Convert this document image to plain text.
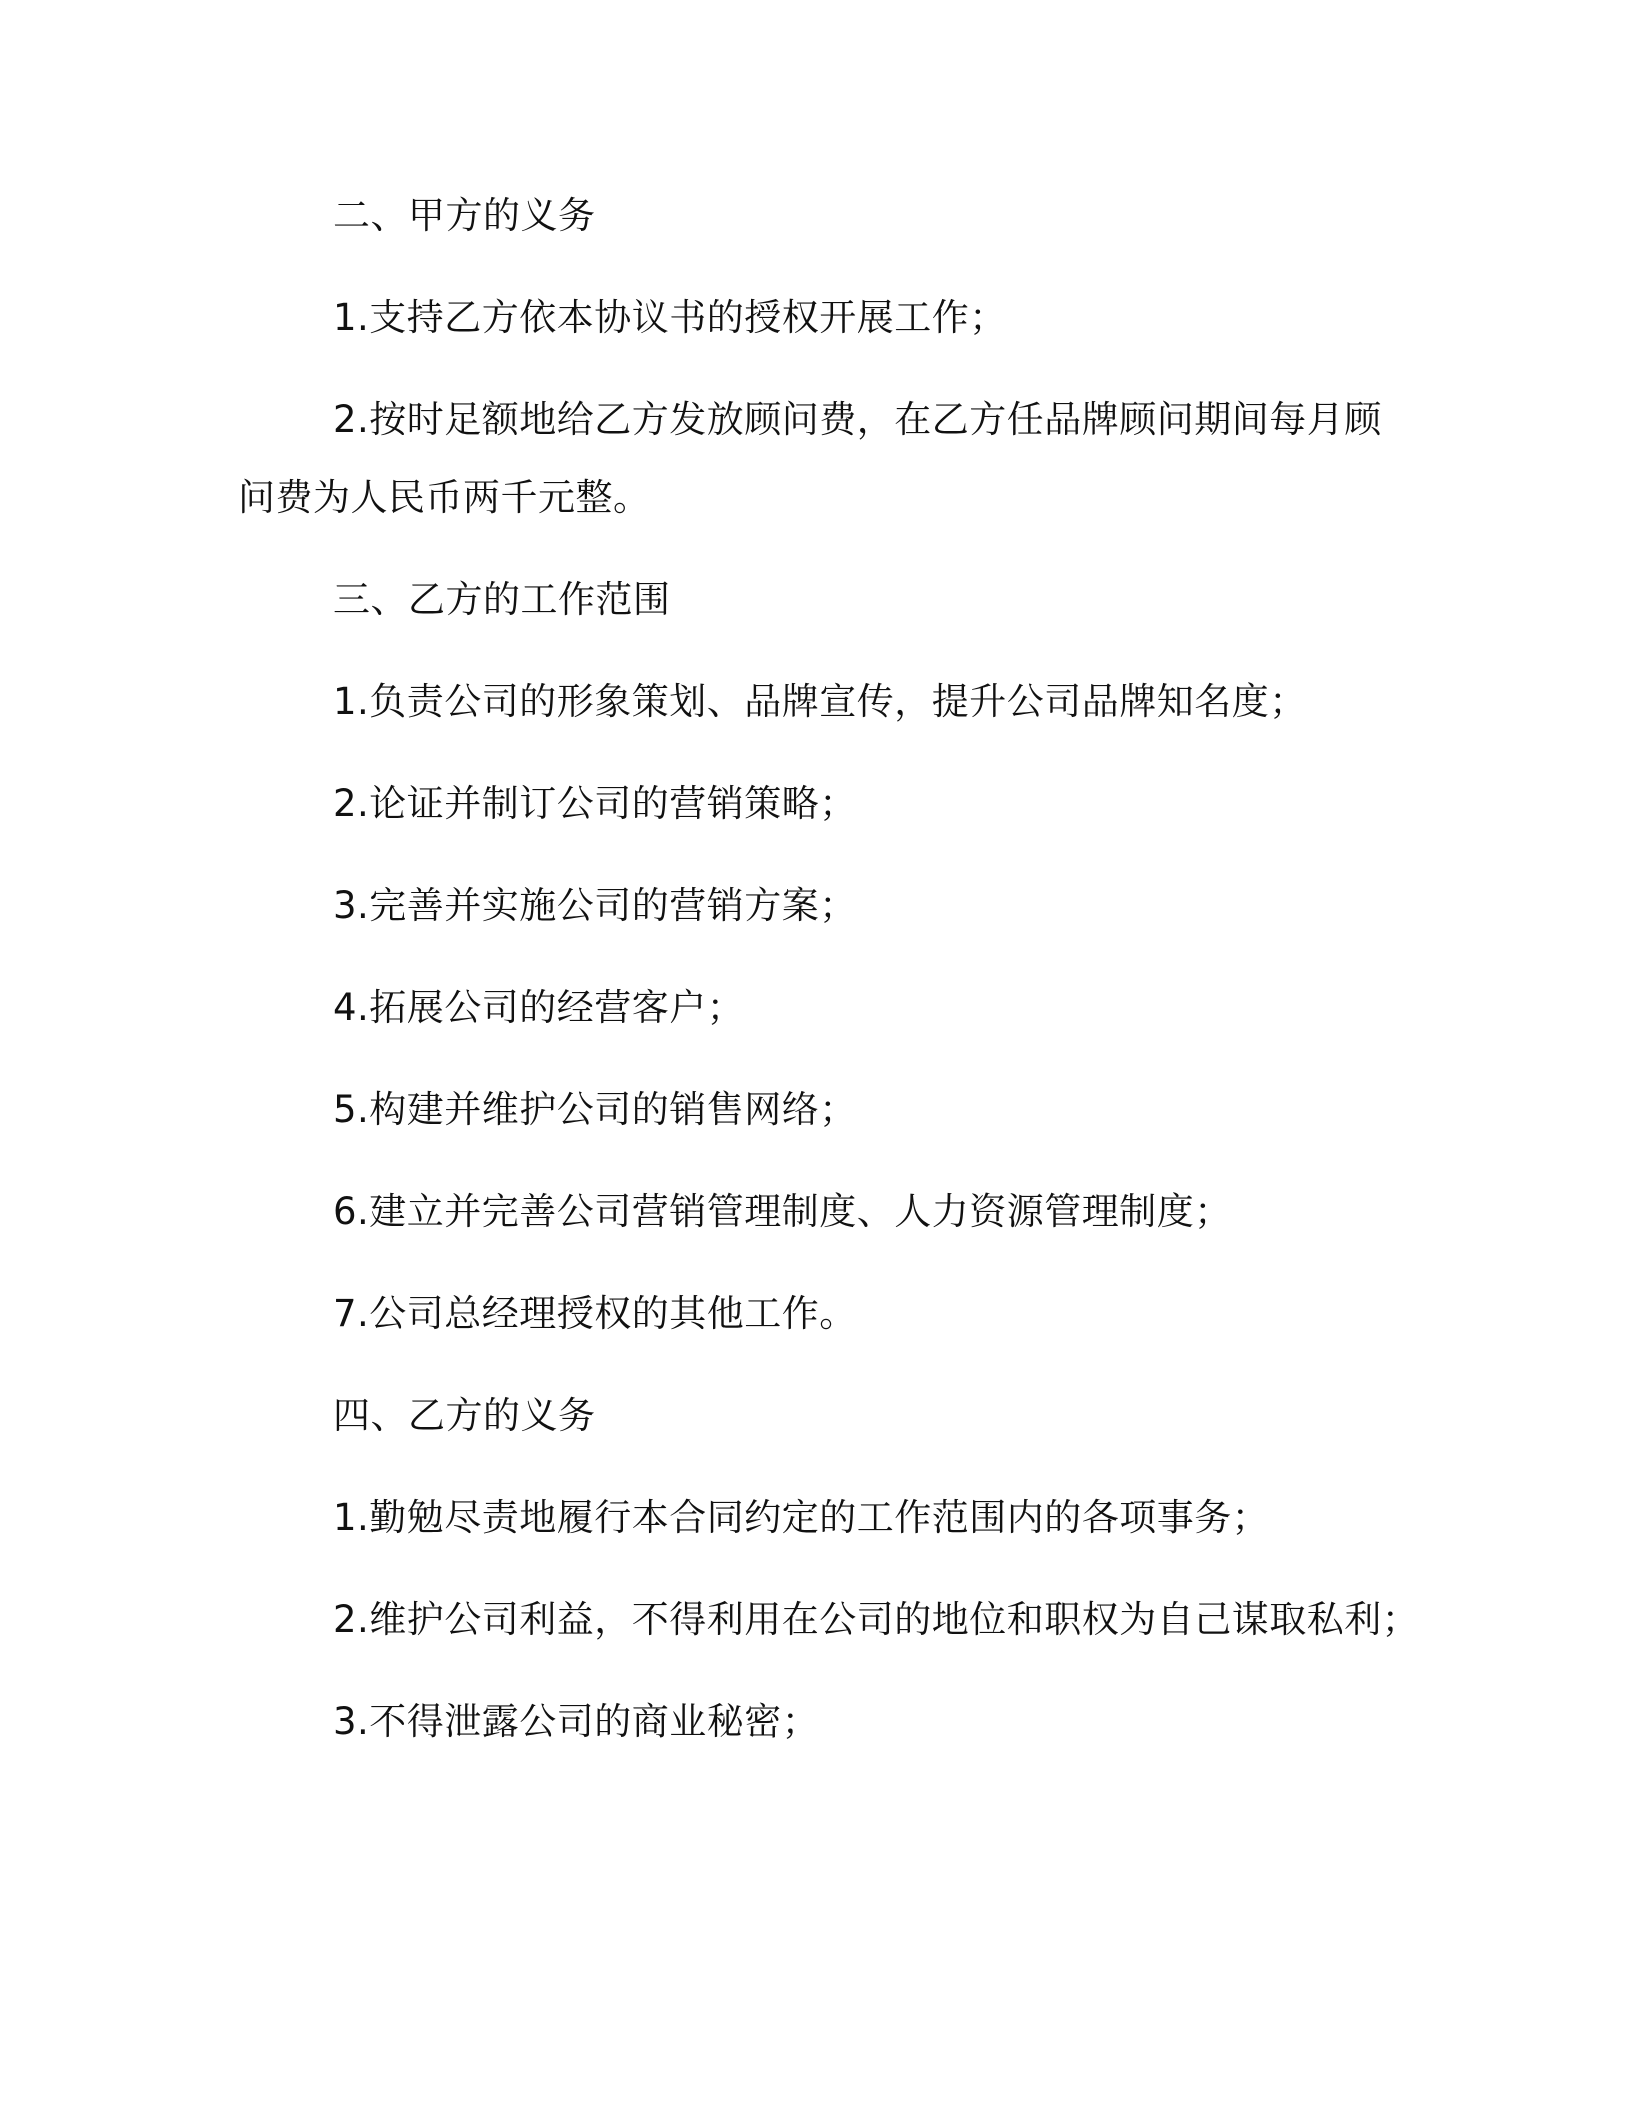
二、甲方的义务
1.支持乙方依本协议书的授权开展工作；
2.按时足额地给乙方发放顾问费，在乙方任品牌顾问期间每月顾
问费为人民币两千元整。
三、乙方的工作范围
1.负责公司的形象策划、品牌宣传，提升公司品牌知名度；
2.论证并制订公司的营销策略；
3.完善并实施公司的营销方案；
4.拓展公司的经营客户；
5.构建并维护公司的销售网络；
6.建立并完善公司营销管理制度、人力资源管理制度；
7.公司总经理授权的其他工作。
四、乙方的义务
1.勤勉尽责地履行本合同约定的工作范围内的各项事务；
2.维护公司利益，不得利用在公司的地位和职权为自己谋取私利；
3.不得泄露公司的商业秘密；
